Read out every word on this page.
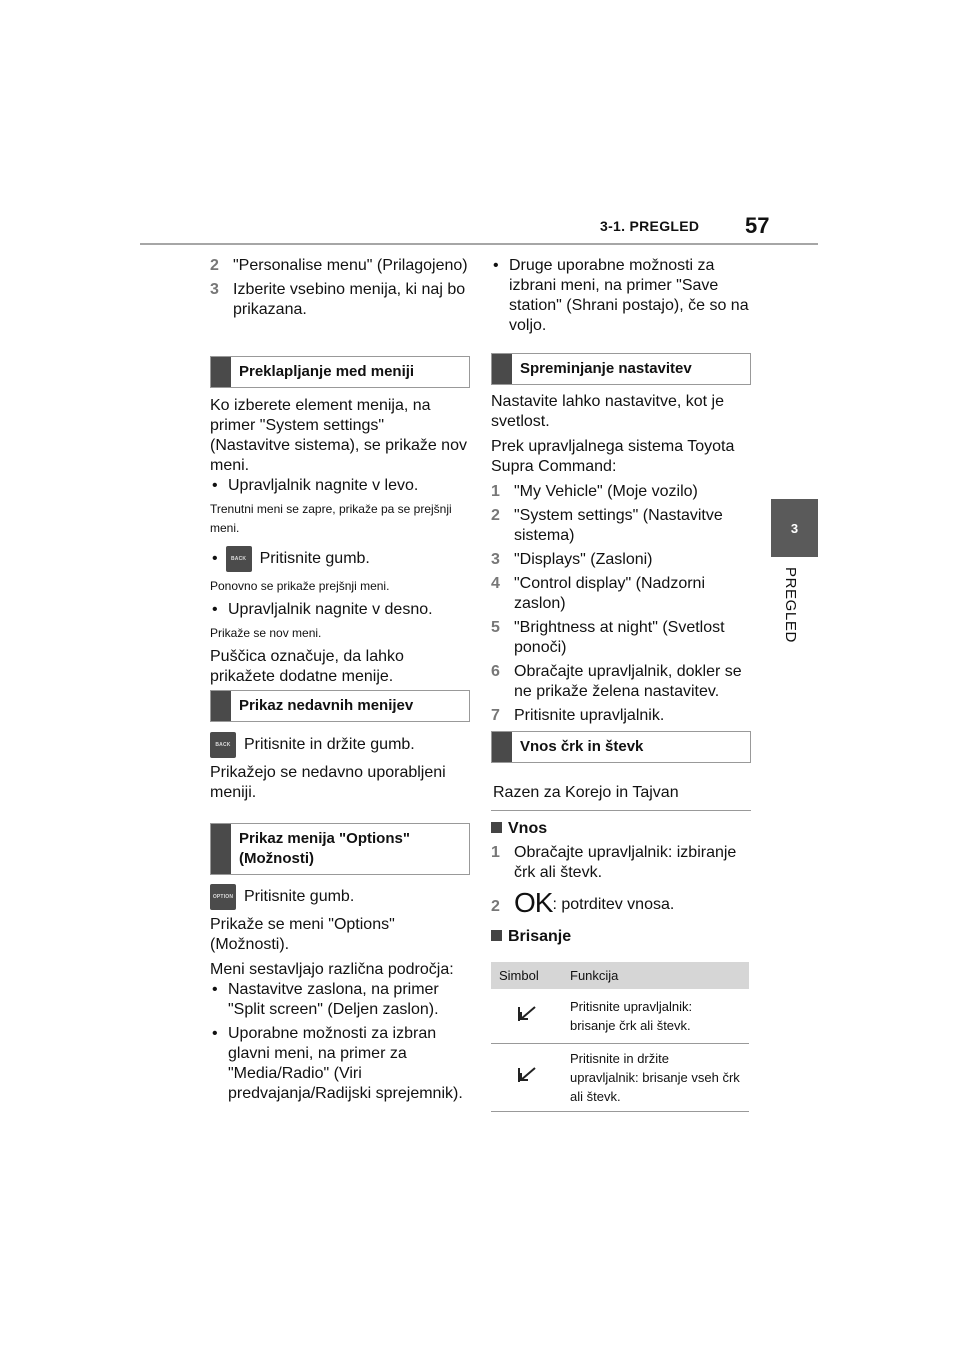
3-1. PREGLED 57
3
PREGLED

2 "Personalise menu" (Prilagojeno)

3 Izberite vsebino menija, ki naj bo prikazana.

Preklapljanje med meniji

Ko izberete element menija, na primer "System settings" (Nastavitve sistema), se prikaže nov meni.

• Upravljalnik nagnite v levo.

Trenutni meni se zapre, prikaže pa se prejšnji meni.

•	BACK Pritisnite gumb.

Ponovno se prikaže prejšnji meni.

• Upravljalnik nagnite v desno.

Prikaže se nov meni.

Puščica označuje, da lahko prikažete dodatne menije.

Prikaz nedavnih menijev

BACK Pritisnite in držite gumb.

Prikažejo se nedavno uporabljeni meniji.

Prikaz menija "Options" (Možnosti)

OPTION Pritisnite gumb.

Prikaže se meni "Options" (Možnosti).

Meni sestavljajo različna področja:

• Nastavitve zaslona, na primer "Split screen" (Deljen zaslon).

• Uporabne možnosti za izbran glavni meni, na primer za "Media/Radio" (Viri predvajanja/Radijski sprejemnik).

• Druge uporabne možnosti za izbrani meni, na primer "Save station" (Shrani postajo), če so na voljo.

Spreminjanje nastavitev

Nastavite lahko nastavitve, kot je svetlost.

Prek upravljalnega sistema Toyota Supra Command:

1 "My Vehicle" (Moje vozilo)

2 "System settings" (Nastavitve sistema)

3 "Displays" (Zasloni)

4 "Control display" (Nadzorni zaslon)

5 "Brightness at night" (Svetlost ponoči)

6 Obračajte upravljalnik, dokler se ne prikaže želena nastavitev.

7 Pritisnite upravljalnik.

Vnos črk in števk
Razen za Korejo in Tajvan

Vnos

1 Obračajte upravljalnik: izbiranje črk ali števk.

2 OK: potrditev vnosa.

Brisanje

Simbol	Funkcija
	Pritisnite upravljalnik: brisanje črk ali števk.
	Pritisnite in držite upravljalnik: brisanje vseh črk ali števk.
